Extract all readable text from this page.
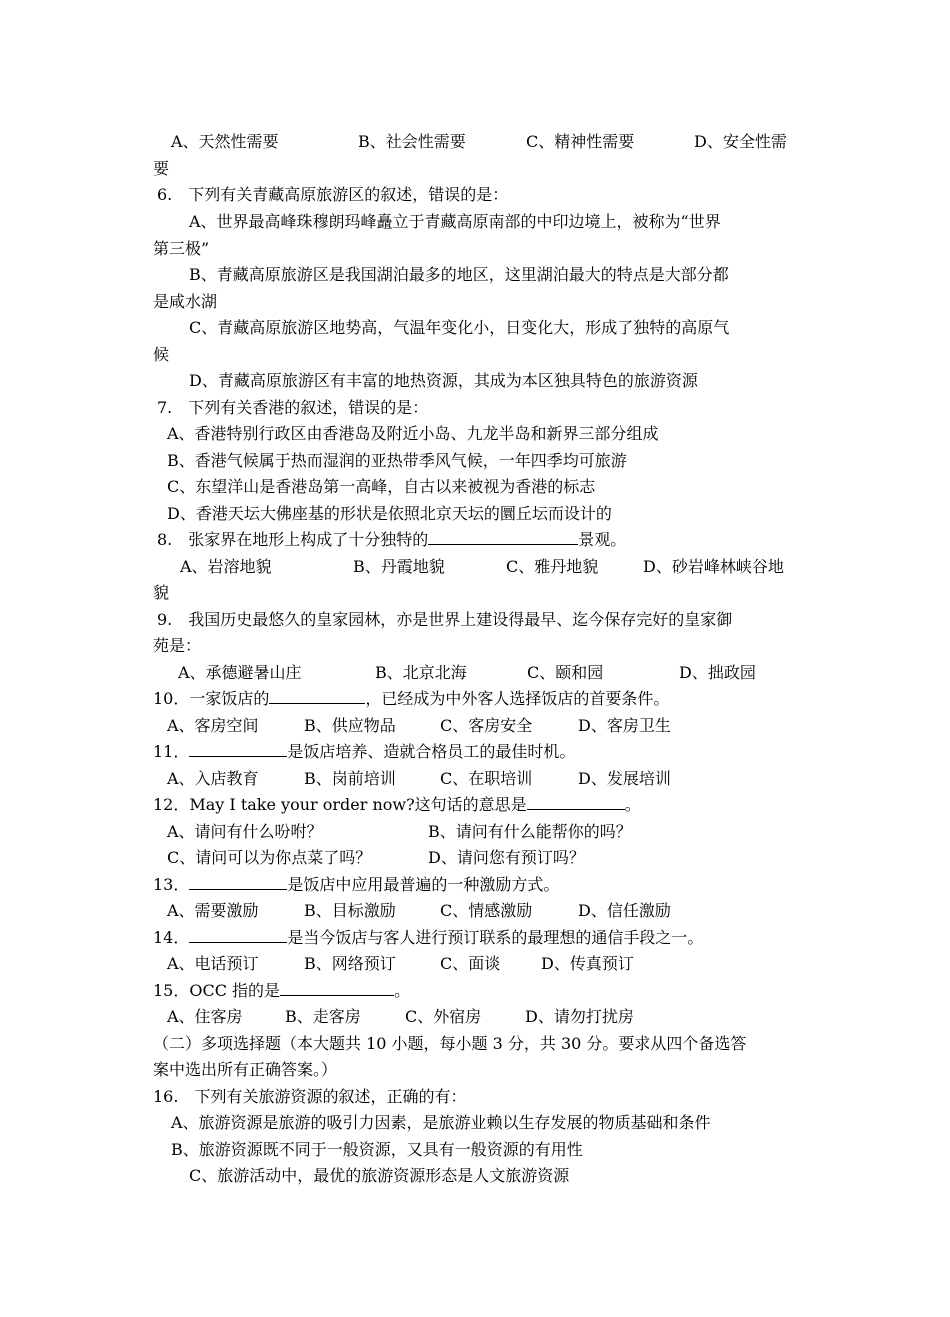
A、天然性需要	B、社会性需要	C、精神性需要	D、安全性需
要
6.　下列有关青藏高原旅游区的叙述，错误的是：
A、世界最高峰珠穆朗玛峰矗立于青藏高原南部的中印边境上，被称为“世界
第三极”
B、青藏高原旅游区是我国湖泊最多的地区，这里湖泊最大的特点是大部分都
是咸水湖
C、青藏高原旅游区地势高，气温年变化小，日变化大，形成了独特的高原气
候
D、青藏高原旅游区有丰富的地热资源，其成为本区独具特色的旅游资源
7.　下列有关香港的叙述，错误的是：
A、香港特别行政区由香港岛及附近小岛、九龙半岛和新界三部分组成
B、香港气候属于热而湿润的亚热带季风气候，一年四季均可旅游
C、东望洋山是香港岛第一高峰，自古以来被视为香港的标志
D、香港天坛大佛座基的形状是依照北京天坛的圜丘坛而设计的
8.　张家界在地形上构成了十分独特的	景观。
A、岩溶地貌	B、丹霞地貌	C、雅丹地貌	D、砂岩峰林峡谷地
貌
9.　我国历史最悠久的皇家园林，亦是世界上建设得最早、迄今保存完好的皇家御
苑是：
A、承德避暑山庄	B、北京北海	C、颐和园	D、拙政园
10．一家饭店的	，已经成为中外客人选择饭店的首要条件。
A、客房空间	B、供应物品	C、客房安全	D、客房卫生
11．	是饭店培养、造就合格员工的最佳时机。
A、入店教育	B、岗前培训	C、在职培训	D、发展培训
12．May I take your order now?这句话的意思是	。
A、请问有什么吩咐？	B、请问有什么能帮你的吗？
C、请问可以为你点菜了吗？	D、请问您有预订吗？
13．	是饭店中应用最普遍的一种激励方式。
A、需要激励	B、目标激励	C、情感激励	D、信任激励
14．	是当今饭店与客人进行预订联系的最理想的通信手段之一。
A、电话预订	B、网络预订	C、面谈	D、传真预订
15．OCC 指的是	。
A、住客房	B、走客房	C、外宿房	D、请勿打扰房
（二）多项选择题（本大题共 10 小题，每小题 3 分，共 30 分。要求从四个备选答
案中选出所有正确答案。）
16.　下列有关旅游资源的叙述，正确的有：
A、旅游资源是旅游的吸引力因素，是旅游业赖以生存发展的物质基础和条件
B、旅游资源既不同于一般资源，又具有一般资源的有用性
C、旅游活动中，最优的旅游资源形态是人文旅游资源
